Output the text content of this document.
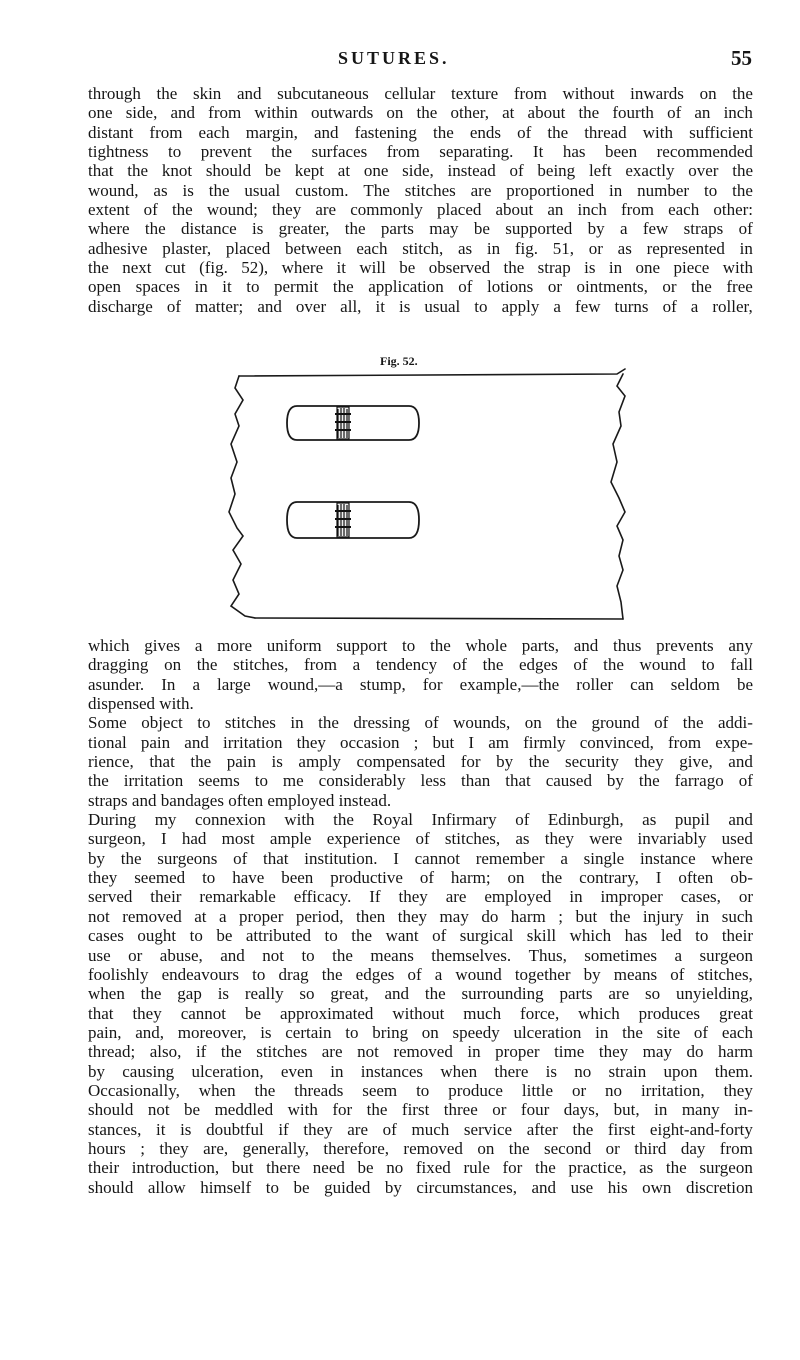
SUTURES.	55
through the skin and subcutaneous cellular texture from without inwards on the
one side, and from within outwards on the other, at about the fourth of an inch
distant from each margin, and fastening the ends of the thread with sufficient
tightness to prevent the surfaces from separating. It has been recommended
that the knot should be kept at one side, instead of being left exactly over the
wound, as is the usual custom. The stitches are proportioned in number to the
extent of the wound; they are commonly placed about an inch from each other:
where the distance is greater, the parts may be supported by a few straps of
adhesive plaster, placed between each stitch, as in fig. 51, or as represented in
the next cut (fig. 52), where it will be observed the strap is in one piece with
open spaces in it to permit the application of lotions or ointments, or the free
discharge of matter; and over all, it is usual to apply a few turns of a roller,
Fig. 52.
which gives a more uniform support to the whole parts, and thus prevents any
dragging on the stitches, from a tendency of the edges of the wound to fall
asunder. In a large wound,—a stump, for example,—the roller can seldom be
dispensed with.
Some object to stitches in the dressing of wounds, on the ground of the addi-
tional pain and irritation they occasion ; but I am firmly convinced, from expe-
rience, that the pain is amply compensated for by the security they give, and
the irritation seems to me considerably less than that caused by the farrago of
straps and bandages often employed instead.
During my connexion with the Royal Infirmary of Edinburgh, as pupil and
surgeon, I had most ample experience of stitches, as they were invariably used
by the surgeons of that institution. I cannot remember a single instance where
they seemed to have been productive of harm; on the contrary, I often ob-
served their remarkable efficacy. If they are employed in improper cases, or
not removed at a proper period, then they may do harm ; but the injury in such
cases ought to be attributed to the want of surgical skill which has led to their
use or abuse, and not to the means themselves. Thus, sometimes a surgeon
foolishly endeavours to drag the edges of a wound together by means of stitches,
when the gap is really so great, and the surrounding parts are so unyielding,
that they cannot be approximated without much force, which produces great
pain, and, moreover, is certain to bring on speedy ulceration in the site of each
thread; also, if the stitches are not removed in proper time they may do harm
by causing ulceration, even in instances when there is no strain upon them.
Occasionally, when the threads seem to produce little or no irritation, they
should not be meddled with for the first three or four days, but, in many in-
stances, it is doubtful if they are of much service after the first eight-and-forty
hours ; they are, generally, therefore, removed on the second or third day from
their introduction, but there need be no fixed rule for the practice, as the surgeon
should allow himself to be guided by circumstances, and use his own discretion
